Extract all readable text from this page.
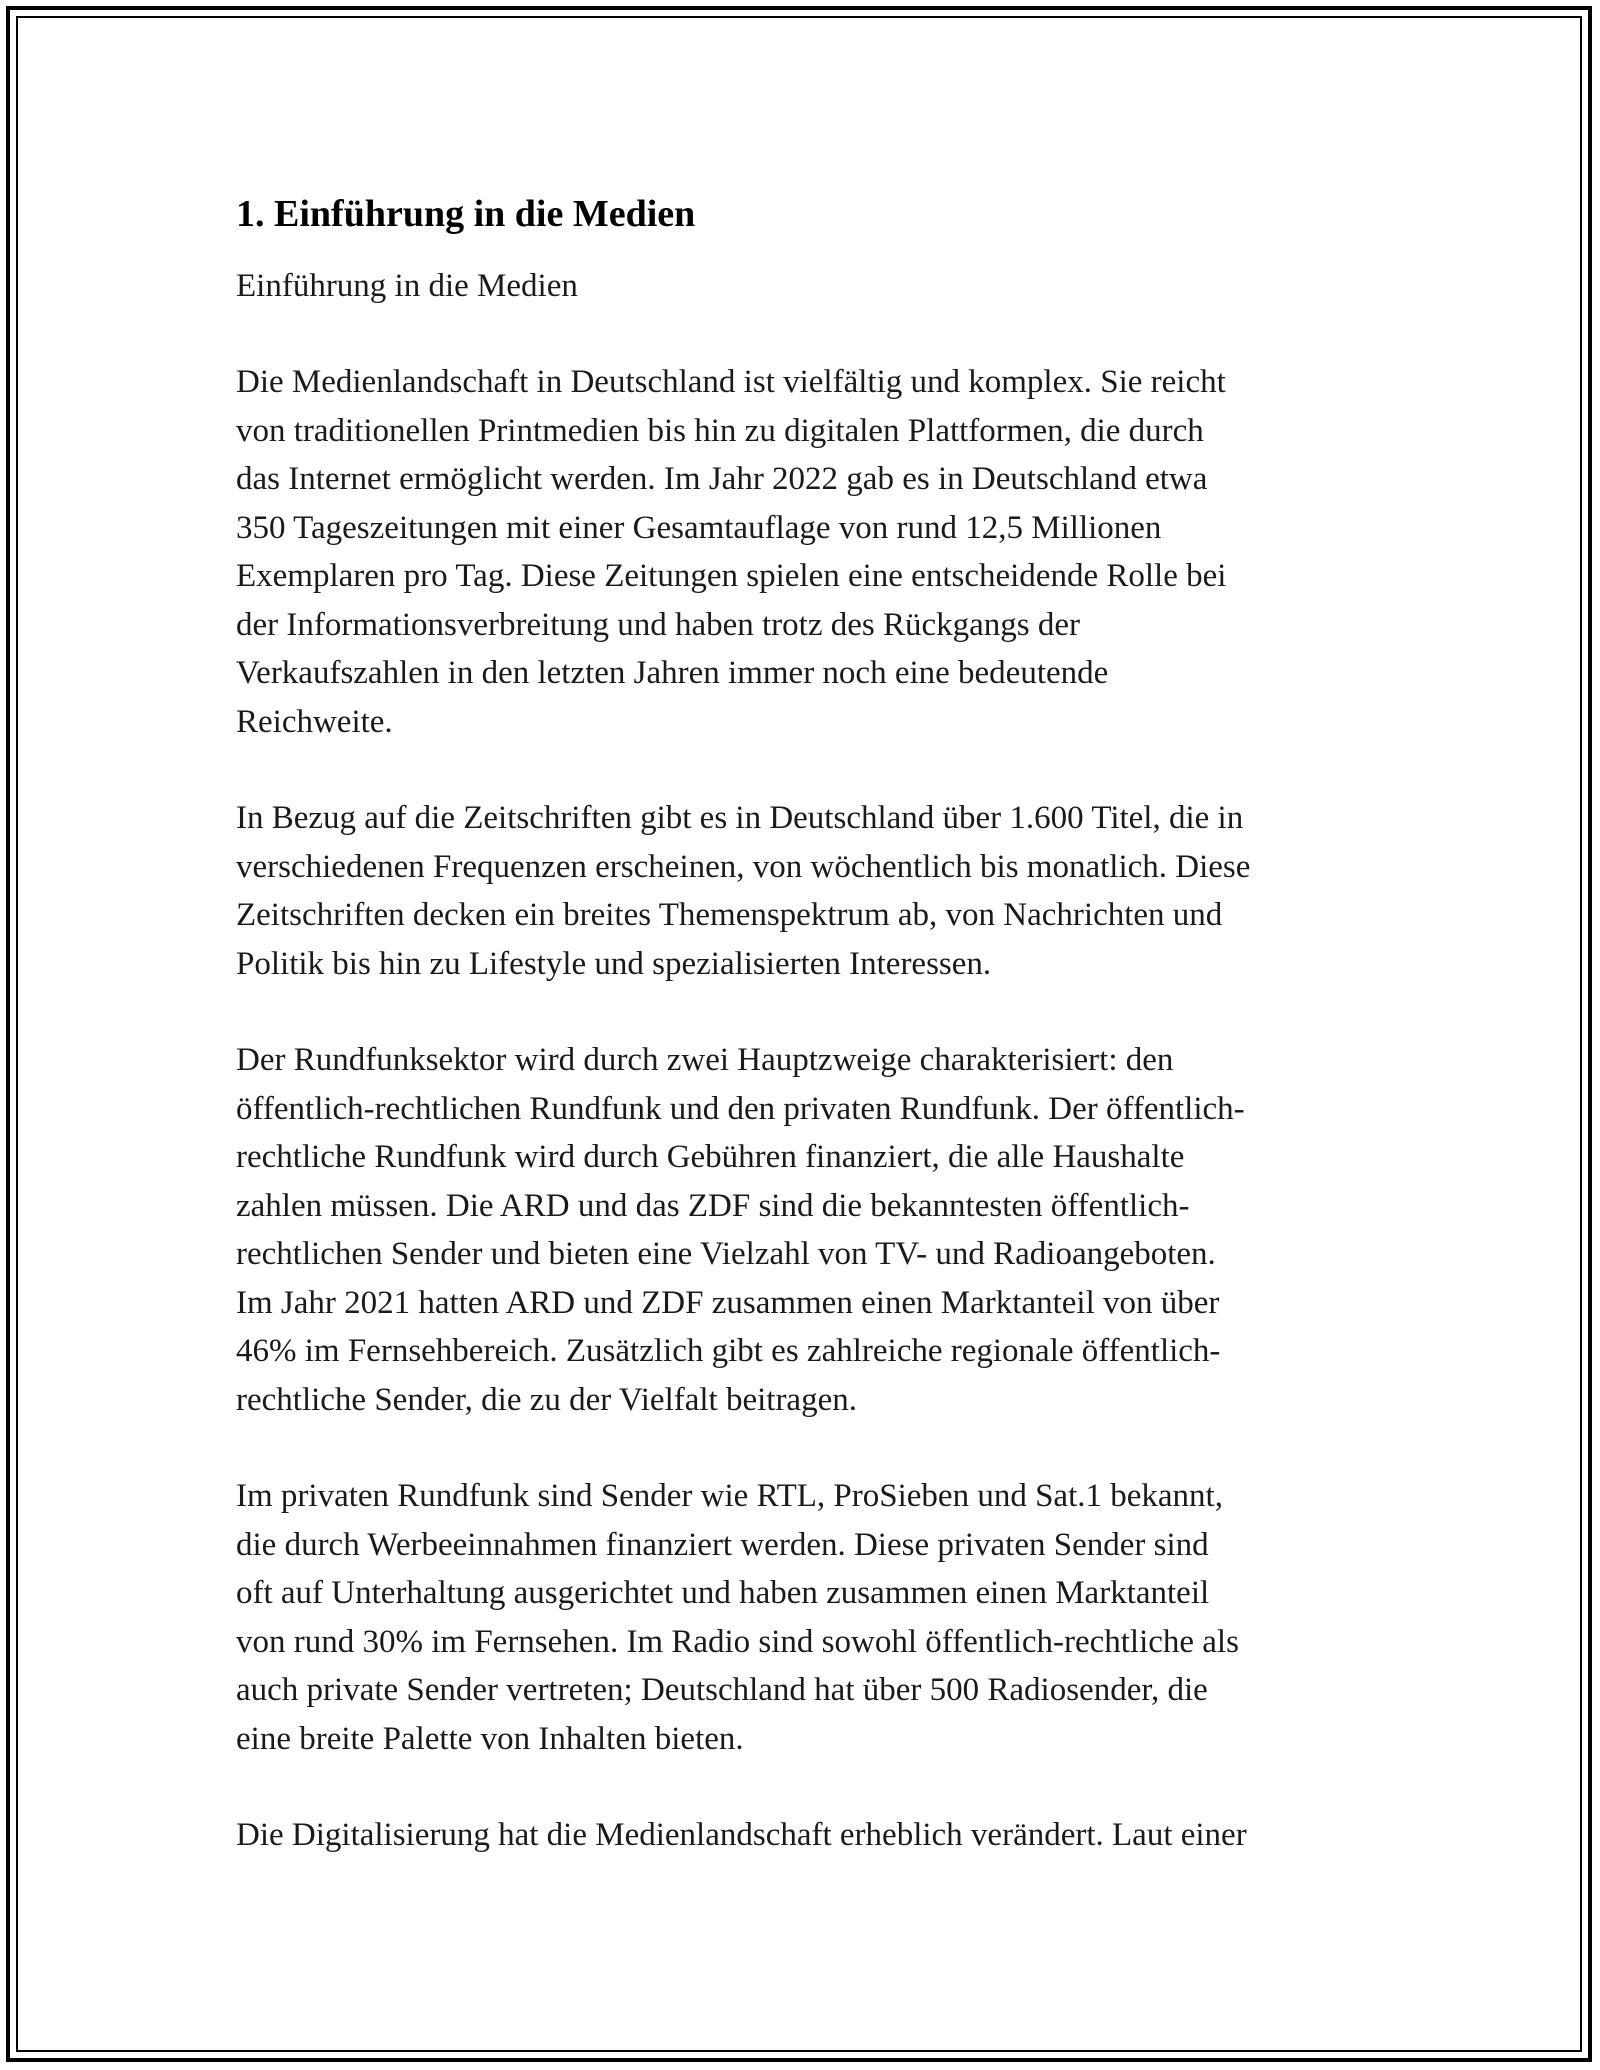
1. Einführung in die Medien

Einführung in die Medien

Die Medienlandschaft in Deutschland ist vielfältig und komplex. Sie reicht
von traditionellen Printmedien bis hin zu digitalen Plattformen, die durch
das Internet ermöglicht werden. Im Jahr 2022 gab es in Deutschland etwa
350 Tageszeitungen mit einer Gesamtauflage von rund 12,5 Millionen
Exemplaren pro Tag. Diese Zeitungen spielen eine entscheidende Rolle bei
der Informationsverbreitung und haben trotz des Rückgangs der
Verkaufszahlen in den letzten Jahren immer noch eine bedeutende
Reichweite.

In Bezug auf die Zeitschriften gibt es in Deutschland über 1.600 Titel, die in
verschiedenen Frequenzen erscheinen, von wöchentlich bis monatlich. Diese
Zeitschriften decken ein breites Themenspektrum ab, von Nachrichten und
Politik bis hin zu Lifestyle und spezialisierten Interessen.

Der Rundfunksektor wird durch zwei Hauptzweige charakterisiert: den
öffentlich-rechtlichen Rundfunk und den privaten Rundfunk. Der öffentlich-
rechtliche Rundfunk wird durch Gebühren finanziert, die alle Haushalte
zahlen müssen. Die ARD und das ZDF sind die bekanntesten öffentlich-
rechtlichen Sender und bieten eine Vielzahl von TV- und Radioangeboten.
Im Jahr 2021 hatten ARD und ZDF zusammen einen Marktanteil von über
46% im Fernsehbereich. Zusätzlich gibt es zahlreiche regionale öffentlich-
rechtliche Sender, die zu der Vielfalt beitragen.

Im privaten Rundfunk sind Sender wie RTL, ProSieben und Sat.1 bekannt,
die durch Werbeeinnahmen finanziert werden. Diese privaten Sender sind
oft auf Unterhaltung ausgerichtet und haben zusammen einen Marktanteil
von rund 30% im Fernsehen. Im Radio sind sowohl öffentlich-rechtliche als
auch private Sender vertreten; Deutschland hat über 500 Radiosender, die
eine breite Palette von Inhalten bieten.

Die Digitalisierung hat die Medienlandschaft erheblich verändert. Laut einer
